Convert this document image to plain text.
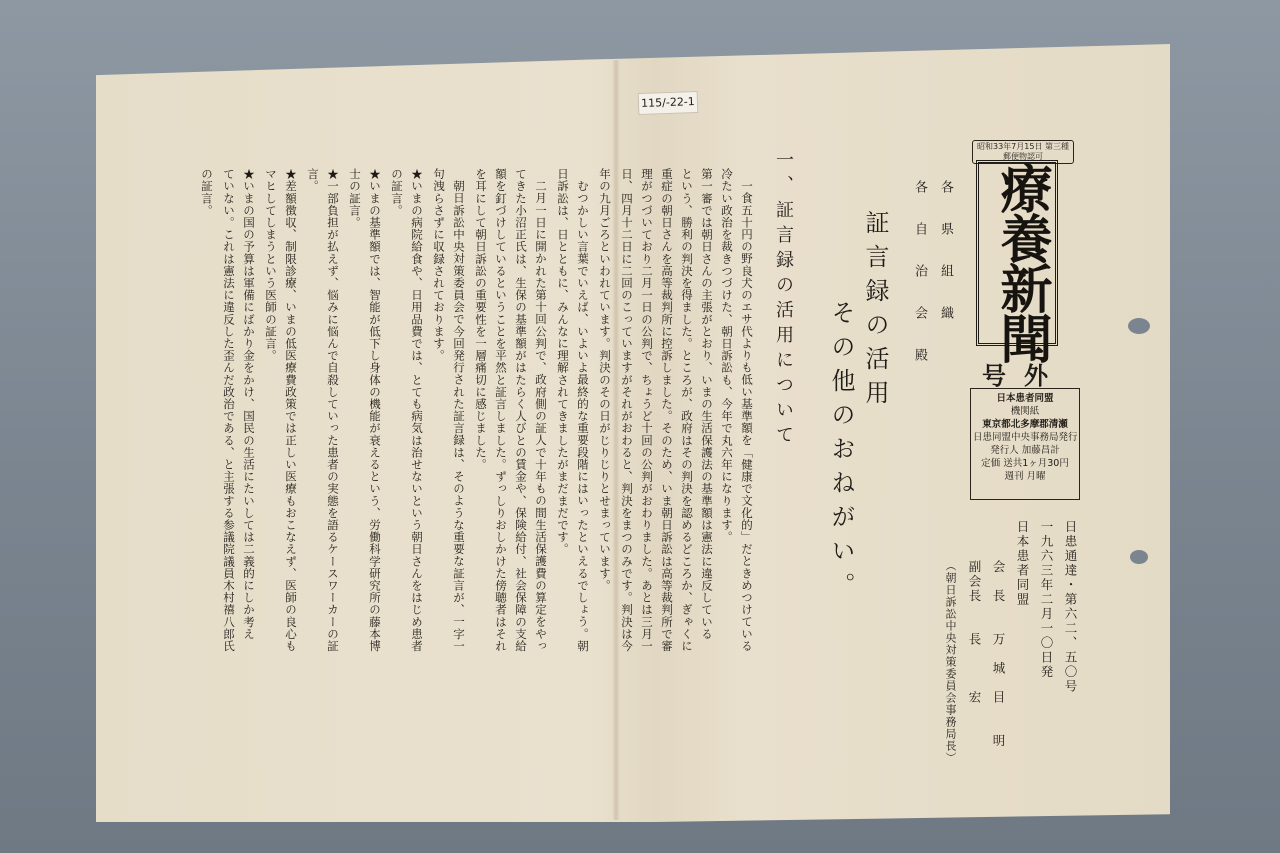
115/-22-1
昭和33年7月15日 第三種
郵便物認可
療養新聞
号外
日本患者同盟
機関紙
東京都北多摩郡清瀬
日患同盟中央事務局発行
発行人 加藤昌計
定価 送共1ヶ月30円
週刊 月曜
日患通達・第六二、五〇号
一九六三年二月一〇日発
日本患者同盟
会　長　　万　城　目　　明
副会長　　長　　　宏
（朝日訴訟中央対策委員会事務局長）
証言録の活用
その他のおねがい。
各　県　組　織
各　自　治　会　殿
一、証言録の活用について
一食五十円の野良犬のエサ代よりも低い基準額を「健康で文化的」だときめつけている
冷たい政治を裁きつづけた、朝日訴訟も、今年で丸六年になります。
第一審では朝日さんの主張がとおり、いまの生活保護法の基準額は憲法に違反している
という、勝利の判決を得ました。ところが、政府はその判決を認めるどころか、ぎゃくに
重症の朝日さんを高等裁判所に控訴しました。そのため、いま朝日訴訟は高等裁判所で審
理がつづいており二月一日の公判で、ちょうど十回の公判がおわりました。あとは三月一
日、四月十二日に二回のこっていますがそれがおわると、判決をまつのみです。判決は今
年の九月ごろといわれています。判決のその日がじりじりとせまっています。
むつかしい言葉でいえば、いよいよ最終的な重要段階にはいったといえるでしょう。朝
日訴訟は、日とともに、みんなに理解されてきましたがまだまだです。
二月一日に開かれた第十回公判で、政府側の証人で十年もの間生活保護費の算定をやっ
てきた小沼正氏は、生保の基準額がはたらく人びとの賃金や、保険給付、社会保障の支給
額を釘づけしているということを平然と証言しました。ずっしりおしかけた傍聴者はそれ
を耳にして朝日訴訟の重要性を一層痛切に感じました。
朝日訴訟中央対策委員会で今回発行された証言録は、そのような重要な証言が、一字一
句洩らさずに収録されております。
★いまの病院給食や、日用品費では、とても病気は治せないという朝日さんをはじめ患者
の証言。
★いまの基準額では、智能が低下し身体の機能が衰えるという、労働科学研究所の藤本博
士の証言。
★一部負担が払えず、悩みに悩んで自殺していった患者の実態を語るケースワーカーの証
言。
★差額徴収、制限診療、いまの低医療費政策では正しい医療もおこなえず、医師の良心も
マヒしてしまうという医師の証言。
★いまの国の予算は軍備にばかり金をかけ、国民の生活にたいしては二義的にしか考え
ていない。これは憲法に違反した歪んだ政治である、と主張する参議院議員木村禧八郎氏
の証言。
